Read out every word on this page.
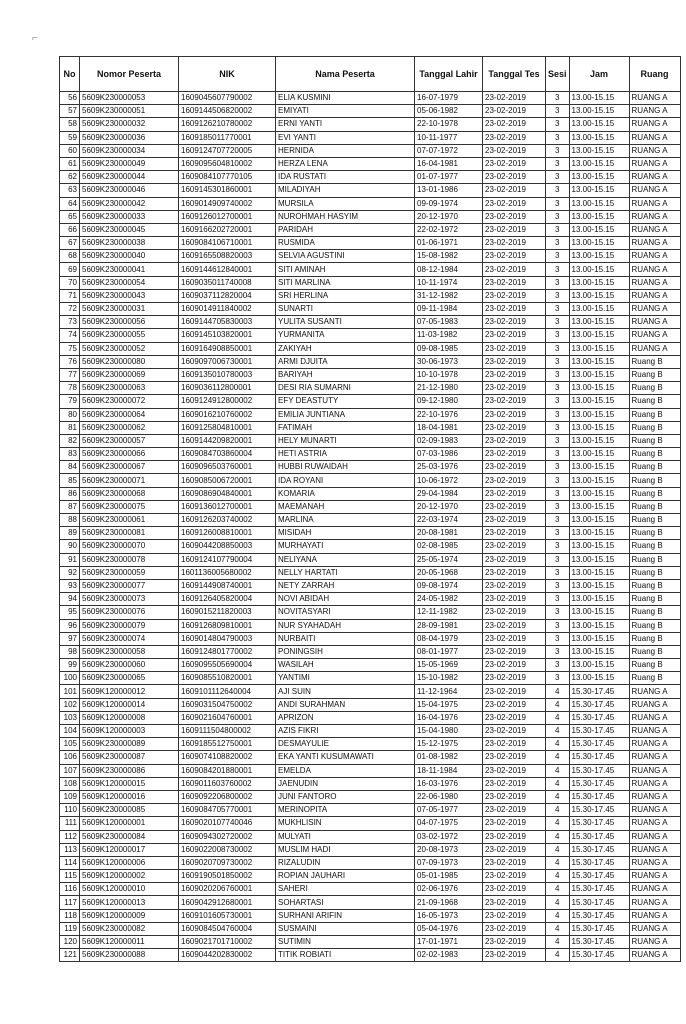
⌐
No	Nomor Peserta	NIK	Nama Peserta	Tanggal Lahir	Tanggal Tes	Sesi	Jam	Ruang
56	5609K230000053	1609045607790002	ELIA KUSMINI	16-07-1979	23-02-2019	3	13.00-15.15	RUANG A
57	5609K230000051	1609144506820002	EMIYATI	05-06-1982	23-02-2019	3	13.00-15.15	RUANG A
58	5609K230000032	1609126210780002	ERNI YANTI	22-10-1978	23-02-2019	3	13.00-15.15	RUANG A
59	5609K230000036	1609185011770001	EVI YANTI	10-11-1977	23-02-2019	3	13.00-15.15	RUANG A
60	5609K230000034	1609124707720005	HERNIDA	07-07-1972	23-02-2019	3	13.00-15.15	RUANG A
61	5609K230000049	1609095604810002	HERZA LENA	16-04-1981	23-02-2019	3	13.00-15.15	RUANG A
62	5609K230000044	1609084107770105	IDA RUSTATI	01-07-1977	23-02-2019	3	13.00-15.15	RUANG A
63	5609K230000046	1609145301860001	MILADIYAH	13-01-1986	23-02-2019	3	13.00-15.15	RUANG A
64	5609K230000042	1609014909740002	MURSILA	09-09-1974	23-02-2019	3	13.00-15.15	RUANG A
65	5609K230000033	1609126012700001	NUROHMAH HASYIM	20-12-1970	23-02-2019	3	13.00-15.15	RUANG A
66	5609K230000045	1609166202720001	PARIDAH	22-02-1972	23-02-2019	3	13.00-15.15	RUANG A
67	5609K230000038	1609084106710001	RUSMIDA	01-06-1971	23-02-2019	3	13.00-15.15	RUANG A
68	5609K230000040	1609165508820003	SELVIA AGUSTINI	15-08-1982	23-02-2019	3	13.00-15.15	RUANG A
69	5609K230000041	1609144612840001	SITI AMINAH	08-12-1984	23-02-2019	3	13.00-15.15	RUANG A
70	5609K230000054	1609035011740008	SITI MARLINA	10-11-1974	23-02-2019	3	13.00-15.15	RUANG A
71	5609K230000043	1609037112820004	SRI HERLINA	31-12-1982	23-02-2019	3	13.00-15.15	RUANG A
72	5609K230000031	1609014911840002	SUNARTI	09-11-1984	23-02-2019	3	13.00-15.15	RUANG A
73	5609K230000056	1609144705830003	YULITA SUSANTI	07-05-1983	23-02-2019	3	13.00-15.15	RUANG A
74	5609K230000055	1609145103820001	YURMANITA	11-03-1982	23-02-2019	3	13.00-15.15	RUANG A
75	5609K230000052	1609164908850001	ZAKIYAH	09-08-1985	23-02-2019	3	13.00-15.15	RUANG A
76	5609K230000080	1609097006730001	ARMI DJUITA	30-06-1973	23-02-2019	3	13.00-15.15	Ruang B
77	5609K230000069	1609135010780003	BARIYAH	10-10-1978	23-02-2019	3	13.00-15.15	Ruang B
78	5609K230000063	1609036112800001	DESI RIA SUMARNI	21-12-1980	23-02-2019	3	13.00-15.15	Ruang B
79	5609K230000072	1609124912800002	EFY DEASTUTY	09-12-1980	23-02-2019	3	13.00-15.15	Ruang B
80	5609K230000064	1609016210760002	EMILIA JUNTIANA	22-10-1976	23-02-2019	3	13.00-15.15	Ruang B
81	5609K230000062	1609125804810001	FATIMAH	18-04-1981	23-02-2019	3	13.00-15.15	Ruang B
82	5609K230000057	1609144209820001	HELY MUNARTI	02-09-1983	23-02-2019	3	13.00-15.15	Ruang B
83	5609K230000066	1609084703860004	HETI ASTRIA	07-03-1986	23-02-2019	3	13.00-15.15	Ruang B
84	5609K230000067	1609096503760001	HUBBI RUWAIDAH	25-03-1976	23-02-2019	3	13.00-15.15	Ruang B
85	5609K230000071	1609085006720001	IDA ROYANI	10-06-1972	23-02-2019	3	13.00-15.15	Ruang B
86	5609K230000068	1609086904840001	KOMARIA	29-04-1984	23-02-2019	3	13.00-15.15	Ruang B
87	5609K230000075	1609136012700001	MAEMANAH	20-12-1970	23-02-2019	3	13.00-15.15	Ruang B
88	5609K230000061	1609126203740002	MARLINA	22-03-1974	23-02-2019	3	13.00-15.15	Ruang B
89	5609K230000081	1609126008810001	MISIDAH	20-08-1981	23-02-2019	3	13.00-15.15	Ruang B
90	5609K230000070	1609044208850003	MURHAYATI	02-08-1985	23-02-2019	3	13.00-15.15	Ruang B
91	5609K230000078	1609124107790004	NELIYANA	25-05-1974	23-02-2019	3	13.00-15.15	Ruang B
92	5609K230000059	1601136005680002	NELLY HARTATI	20-05-1968	23-02-2019	3	13.00-15.15	Ruang B
93	5609K230000077	1609144908740001	NETY ZARRAH	09-08-1974	23-02-2019	3	13.00-15.15	Ruang B
94	5609K230000073	1609126405820004	NOVI ABIDAH	24-05-1982	23-02-2019	3	13.00-15.15	Ruang B
95	5609K230000076	1609015211820003	NOVITASYARI	12-11-1982	23-02-2019	3	13.00-15.15	Ruang B
96	5609K230000079	1609126809810001	NUR SYAHADAH	28-09-1981	23-02-2019	3	13.00-15.15	Ruang B
97	5609K230000074	1609014804790003	NURBAITI	08-04-1979	23-02-2019	3	13.00-15.15	Ruang B
98	5609K230000058	1609124801770002	PONINGSIH	08-01-1977	23-02-2019	3	13.00-15.15	Ruang B
99	5609K230000060	1609095505690004	WASILAH	15-05-1969	23-02-2019	3	13.00-15.15	Ruang B
100	5609K230000065	1609085510820001	YANTIMI	15-10-1982	23-02-2019	3	13.00-15.15	Ruang B
101	5609K120000012	1609101112640004	AJI SUIN	11-12-1964	23-02-2019	4	15.30-17.45	RUANG A
102	5609K120000014	1609031504750002	ANDI SURAHMAN	15-04-1975	23-02-2019	4	15.30-17.45	RUANG A
103	5609K120000008	1609021604760001	APRIZON	16-04-1976	23-02-2019	4	15.30-17.45	RUANG A
104	5609K120000003	1609111504800002	AZIS FIKRI	15-04-1980	23-02-2019	4	15.30-17.45	RUANG A
105	5609K230000089	1609185512750001	DESMAYULIE	15-12-1975	23-02-2019	4	15.30-17.45	RUANG A
106	5609K230000087	1609074108820002	EKA YANTI KUSUMAWATI	01-08-1982	23-02-2019	4	15.30-17.45	RUANG A
107	5609K230000086	1609084201880001	EMELDA	18-11-1984	23-02-2019	4	15.30-17.45	RUANG A
108	5609K120000015	1609011603760002	JAENUDIN	16-03-1976	23-02-2019	4	15.30-17.45	RUANG A
109	5609K120000016	1609092206800002	JUNI FANTORO	22-06-1980	23-02-2019	4	15.30-17.45	RUANG A
110	5609K230000085	1609084705770001	MERINOPITA	07-05-1977	23-02-2019	4	15.30-17.45	RUANG A
111	5609K120000001	1609020107740046	MUKHLISIN	04-07-1975	23-02-2019	4	15.30-17.45	RUANG A
112	5609K230000084	1609094302720002	MULYATI	03-02-1972	23-02-2019	4	15.30-17.45	RUANG A
113	5609K120000017	1609022008730002	MUSLIM HADI	20-08-1973	23-02-2019	4	15.30-17.45	RUANG A
114	5609K120000006	1609020709730002	RIZALUDIN	07-09-1973	23-02-2019	4	15.30-17.45	RUANG A
115	5609K120000002	1609190501850002	ROPIAN JAUHARI	05-01-1985	23-02-2019	4	15.30-17.45	RUANG A
116	5609K120000010	1609020206760001	SAHERI	02-06-1976	23-02-2019	4	15.30-17.45	RUANG A
117	5609K120000013	1609042912680001	SOHARTASI	21-09-1968	23-02-2019	4	15.30-17.45	RUANG A
118	5609K120000009	1609101605730001	SURHANI ARIFIN	16-05-1973	23-02-2019	4	15.30-17.45	RUANG A
119	5609K230000082	1609084504760004	SUSMAINI	05-04-1976	23-02-2019	4	15.30-17.45	RUANG A
120	5609K120000011	1609021701710002	SUTIMIN	17-01-1971	23-02-2019	4	15.30-17.45	RUANG A
121	5609K230000088	1609044202830002	TITIK ROBIATI	02-02-1983	23-02-2019	4	15.30-17.45	RUANG A
